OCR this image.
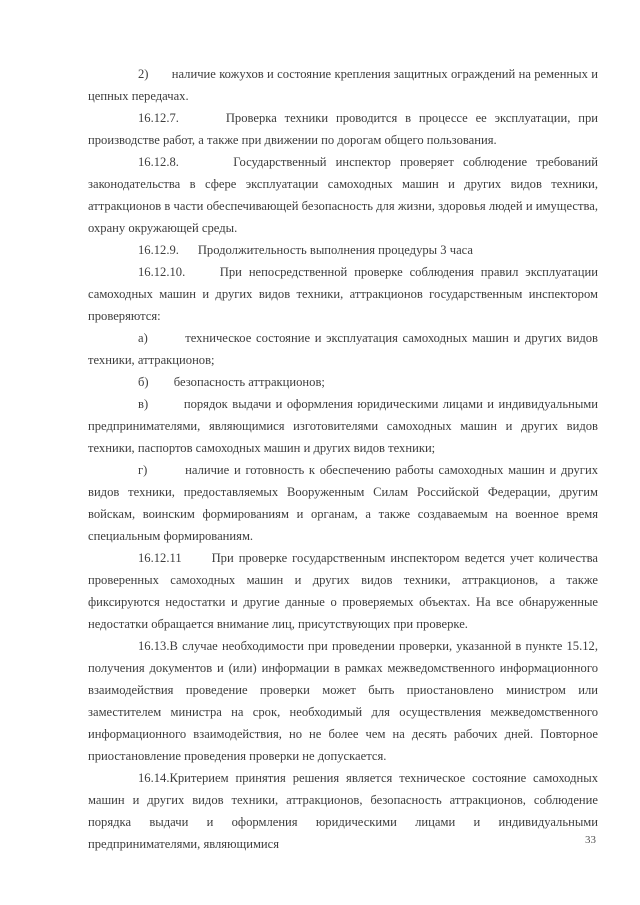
2)       наличие кожухов и состояние крепления защитных ограждений на ременных и цепных передачах.

16.12.7.      Проверка техники проводится в процессе ее эксплуатации, при производстве работ, а также при движении по дорогам общего пользования.

16.12.8.      Государственный инспектор проверяет соблюдение требований законодательства в сфере эксплуатации самоходных машин и других видов техники, аттракционов в части обеспечивающей безопасность для жизни, здоровья людей и имущества, охрану окружающей среды.

16.12.9.      Продолжительность выполнения процедуры 3 часа

16.12.10.     При непосредственной проверке соблюдения правил эксплуатации самоходных машин и других видов техники, аттракционов государственным инспектором проверяются:

а)        техническое состояние и эксплуатация самоходных машин и других видов техники, аттракционов;

б)        безопасность аттракционов;

в)        порядок выдачи и оформления юридическими лицами и индивидуальными предпринимателями, являющимися изготовителями самоходных машин и других видов техники, паспортов самоходных машин и других видов техники;

г)        наличие и готовность к обеспечению работы самоходных машин и других видов техники, предоставляемых Вооруженным Силам Российской Федерации, другим войскам, воинским формированиям и органам, а также создаваемым на военное время специальным формированиям.

16.12.11      При проверке государственным инспектором ведется учет количества проверенных самоходных машин и других видов техники, аттракционов, а также фиксируются недостатки и другие данные о проверяемых объектах. На все обнаруженные недостатки обращается внимание лиц, присутствующих при проверке.

16.13.В случае необходимости при проведении проверки, указанной в пункте 15.12, получения документов и (или) информации в рамках межведомственного информационного взаимодействия проведение проверки может быть приостановлено министром или заместителем министра на срок, необходимый для осуществления межведомственного информационного взаимодействия, но не более чем на десять рабочих дней. Повторное приостановление проведения проверки не допускается.

16.14.Критерием принятия решения является техническое состояние самоходных машин и других видов техники, аттракционов, безопасность аттракционов, соблюдение порядка выдачи и оформления юридическими лицами и индивидуальными предпринимателями, являющимися	33
